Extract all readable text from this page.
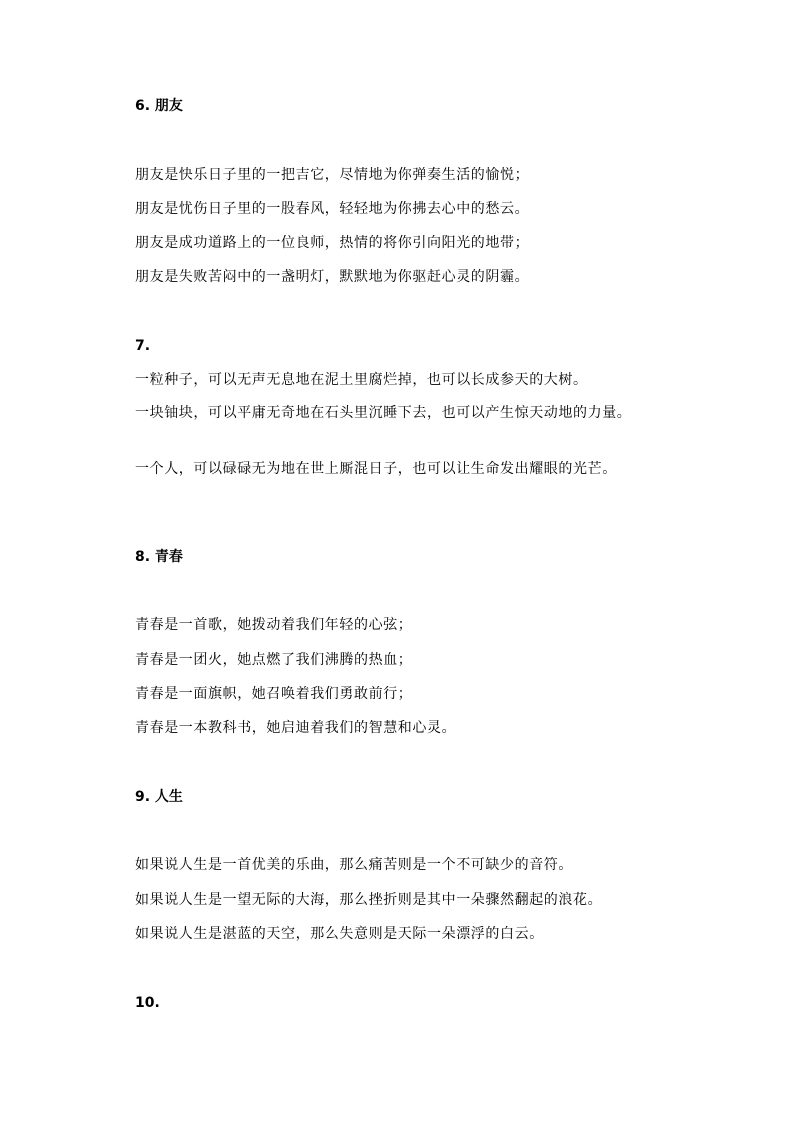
6. 朋友
朋友是快乐日子里的一把吉它，尽情地为你弹奏生活的愉悦；
朋友是忧伤日子里的一股春风，轻轻地为你拂去心中的愁云。
朋友是成功道路上的一位良师，热情的将你引向阳光的地带；
朋友是失败苦闷中的一盏明灯，默默地为你驱赶心灵的阴霾。
7.
一粒种子，可以无声无息地在泥土里腐烂掉，也可以长成参天的大树。
一块铀块，可以平庸无奇地在石头里沉睡下去，也可以产生惊天动地的力量。
一个人，可以碌碌无为地在世上厮混日子，也可以让生命发出耀眼的光芒。
8. 青春
青春是一首歌，她拨动着我们年轻的心弦；
青春是一团火，她点燃了我们沸腾的热血；
青春是一面旗帜，她召唤着我们勇敢前行；
青春是一本教科书，她启迪着我们的智慧和心灵。
9. 人生
如果说人生是一首优美的乐曲，那么痛苦则是一个不可缺少的音符。
如果说人生是一望无际的大海，那么挫折则是其中一朵骤然翻起的浪花。
如果说人生是湛蓝的天空，那么失意则是天际一朵漂浮的白云。
10.
